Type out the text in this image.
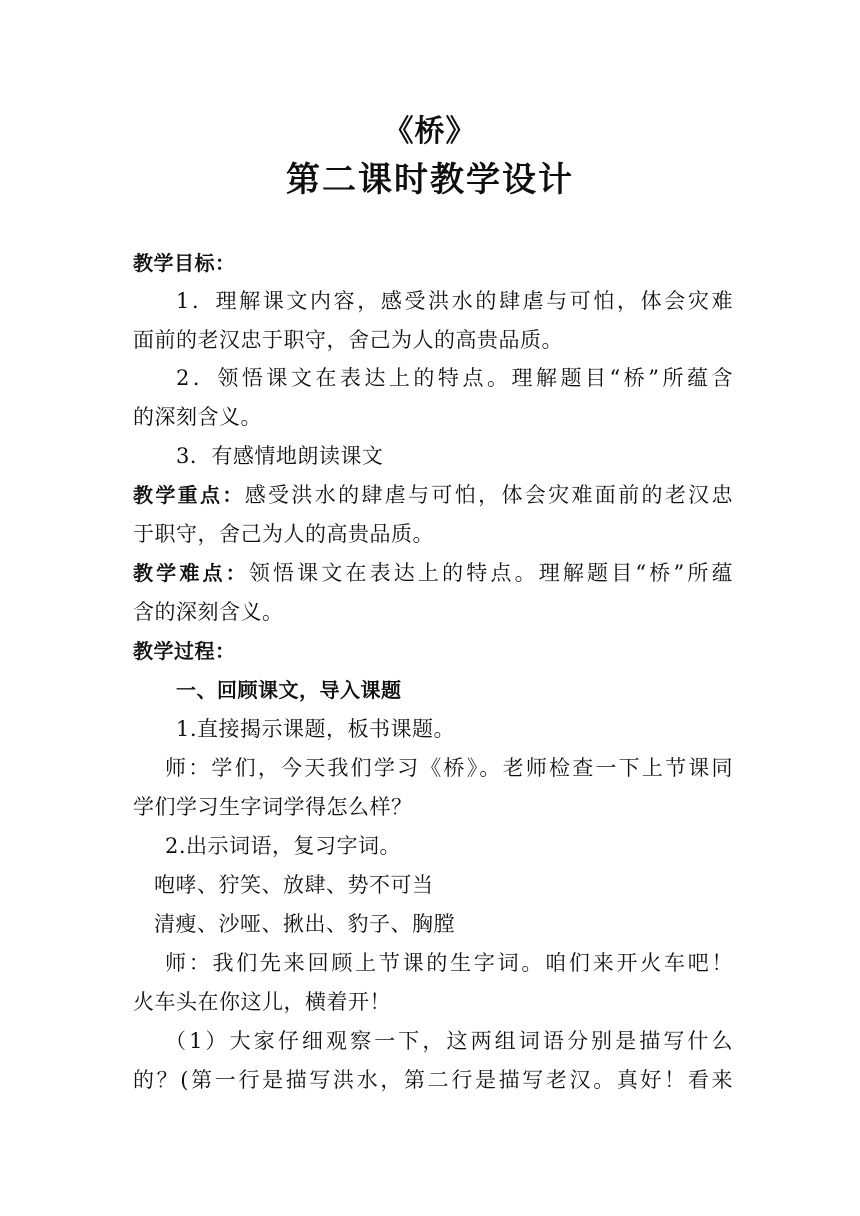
《桥》
第二课时教学设计
教学目标：
1．理解课文内容，感受洪水的肆虐与可怕，体会灾难
面前的老汉忠于职守，舍己为人的高贵品质。
2．领悟课文在表达上的特点。理解题目“桥”所蕴含
的深刻含义。
3．有感情地朗读课文
教学重点：感受洪水的肆虐与可怕，体会灾难面前的老汉忠
于职守，舍己为人的高贵品质。
教学难点：领悟课文在表达上的特点。理解题目“桥”所蕴
含的深刻含义。
教学过程：
一、回顾课文，导入课题
1.直接揭示课题，板书课题。
师：学们，今天我们学习《桥》。老师检查一下上节课同
学们学习生字词学得怎么样？
2.出示词语，复习字词。
咆哮、狞笑、放肆、势不可当
清瘦、沙哑、揪出、豹子、胸膛
师：我们先来回顾上节课的生字词。咱们来开火车吧！
火车头在你这儿，横着开！
（1）大家仔细观察一下，这两组词语分别是描写什么
的？(第一行是描写洪水，第二行是描写老汉。真好！看来
